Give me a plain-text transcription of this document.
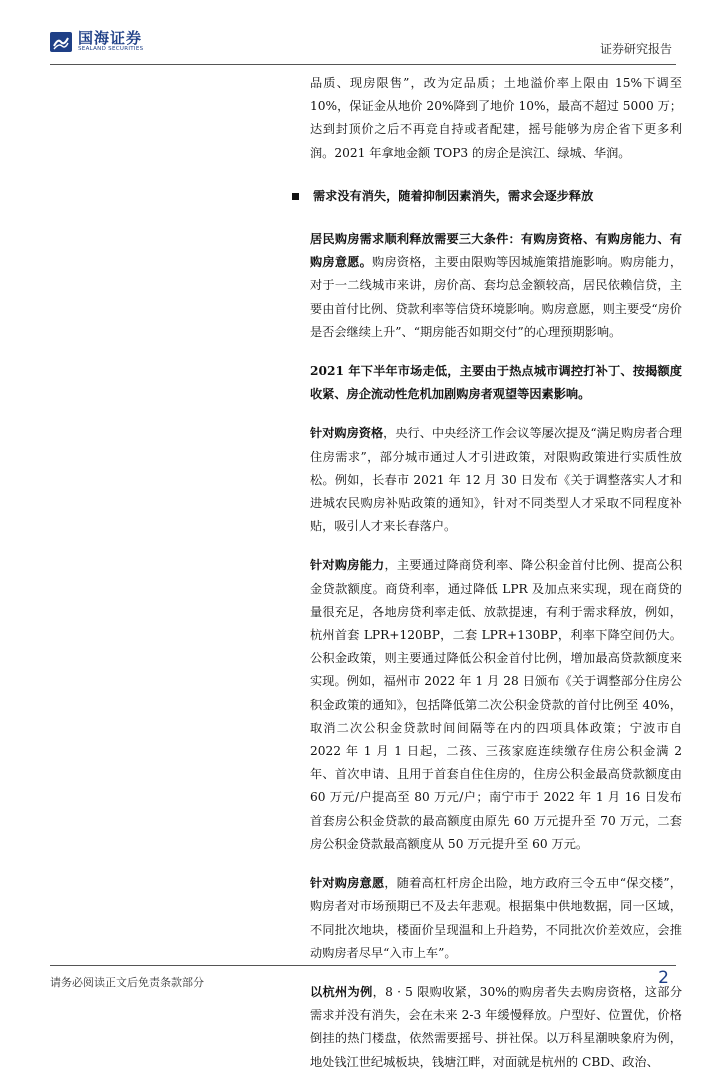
国海证券
SEALAND SECURITIES	证券研究报告

品质、现房限售”，改为定品质；土地溢价率上限由 15%下调至 10%，保证金从地价 20%降到了地价 10%，最高不超过 5000 万；达到封顶价之后不再竞自持或者配建，摇号能够为房企省下更多利润。2021 年拿地金额 TOP3 的房企是滨江、绿城、华润。

需求没有消失，随着抑制因素消失，需求会逐步释放

居民购房需求顺利释放需要三大条件：有购房资格、有购房能力、有购房意愿。购房资格，主要由限购等因城施策措施影响。购房能力，对于一二线城市来讲，房价高、套均总金额较高，居民依赖信贷，主要由首付比例、贷款利率等信贷环境影响。购房意愿，则主要受“房价是否会继续上升”、“期房能否如期交付”的心理预期影响。

2021 年下半年市场走低，主要由于热点城市调控打补丁、按揭额度收紧、房企流动性危机加剧购房者观望等因素影响。

针对购房资格，央行、中央经济工作会议等屡次提及“满足购房者合理住房需求”，部分城市通过人才引进政策，对限购政策进行实质性放松。例如，长春市 2021 年 12 月 30 日发布《关于调整落实人才和进城农民购房补贴政策的通知》，针对不同类型人才采取不同程度补贴，吸引人才来长春落户。

针对购房能力，主要通过降商贷利率、降公积金首付比例、提高公积金贷款额度。商贷利率，通过降低 LPR 及加点来实现，现在商贷的量很充足，各地房贷利率走低、放款提速，有利于需求释放，例如，杭州首套 LPR+120BP，二套 LPR+130BP，利率下降空间仍大。公积金政策，则主要通过降低公积金首付比例，增加最高贷款额度来实现。例如，福州市 2022 年 1 月 28 日颁布《关于调整部分住房公积金政策的通知》，包括降低第二次公积金贷款的首付比例至 40%，取消二次公积金贷款时间间隔等在内的四项具体政策；宁波市自 2022 年 1 月 1 日起，二孩、三孩家庭连续缴存住房公积金满 2 年、首次申请、且用于首套自住住房的，住房公积金最高贷款额度由 60 万元/户提高至 80 万元/户；南宁市于 2022 年 1 月 16 日发布首套房公积金贷款的最高额度由原先 60 万元提升至 70 万元，二套房公积金贷款最高额度从 50 万元提升至 60 万元。

针对购房意愿，随着高杠杆房企出险，地方政府三令五申“保交楼”，购房者对市场预期已不及去年悲观。根据集中供地数据，同一区域，不同批次地块，楼面价呈现温和上升趋势，不同批次价差效应，会推动购房者尽早“入市上车”。

以杭州为例，8 · 5 限购收紧，30%的购房者失去购房资格，这部分需求并没有消失，会在未来 2-3 年缓慢释放。户型好、位置优，价格倒挂的热门楼盘，依然需要摇号、拼社保。以万科星潮映象府为例，地处钱江世纪城板块，钱塘江畔，对面就是杭州的 CBD、政治、

请务必阅读正文后免责条款部分	2
